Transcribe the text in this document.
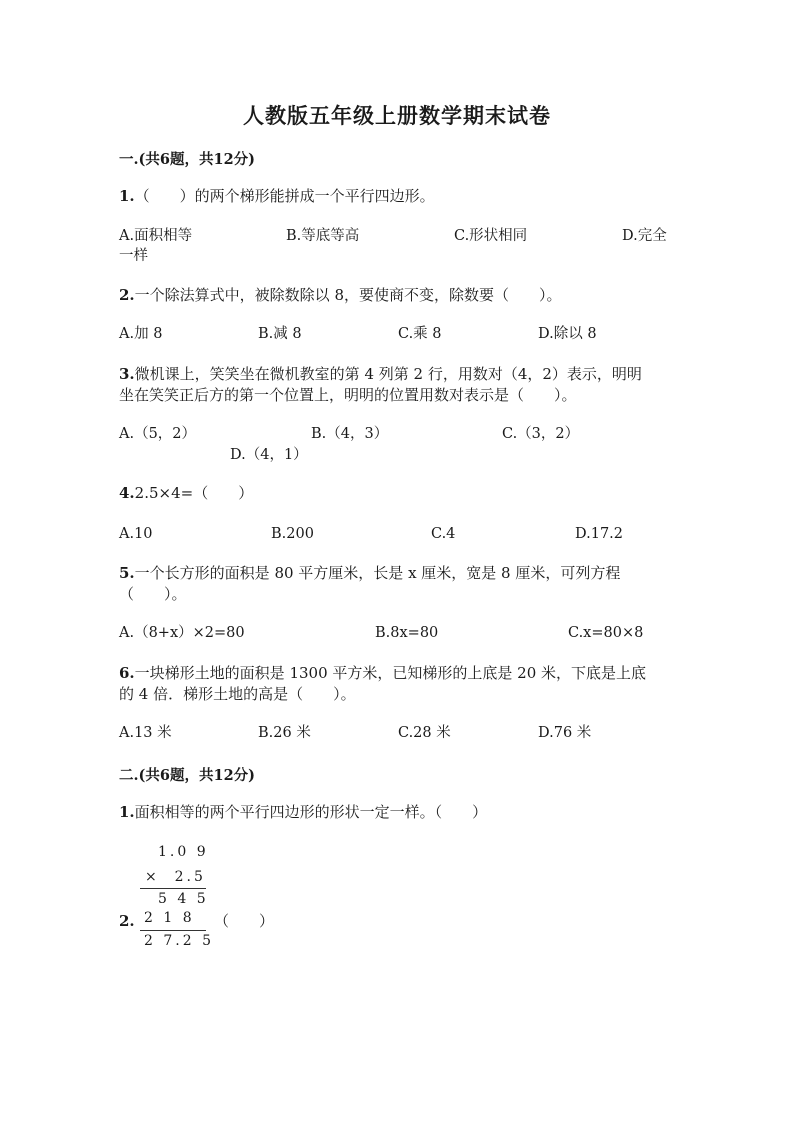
人教版五年级上册数学期末试卷
一.(共6题，共12分)
1.（　　）的两个梯形能拼成一个平行四边形。
A.面积相等	B.等底等高	C.形状相同	D.完全
一样
2.一个除法算式中，被除数除以 8，要使商不变，除数要（　　）。
A.加 8	B.减 8	C.乘 8	D.除以 8
3.微机课上，笑笑坐在微机教室的第 4 列第 2 行，用数对（4，2）表示，明明
坐在笑笑正后方的第一个位置上，明明的位置用数对表示是（　　）。
A.（5，2）	B.（4，3）	C.（3，2）
D.（4，1）
4.2.5×4=（　　）
A.10	B.200	C.4	D.17.2
5.一个长方形的面积是 80 平方厘米，长是 x 厘米，宽是 8 厘米，可列方程
（　　）。
A.（8+x）×2=80	B.8x=80	C.x=80×8
6.一块梯形土地的面积是 1300 平方米，已知梯形的上底是 20 米，下底是上底
的 4 倍．梯形土地的高是（　　）。
A.13 米	B.26 米	C.28 米	D.76 米
二.(共6题，共12分)
1.面积相等的两个平行四边形的形状一定一样。（　　）
1.0 9
×  2.5
5 4 5
2 1 8
2 7.2 5
2.	（　　）
